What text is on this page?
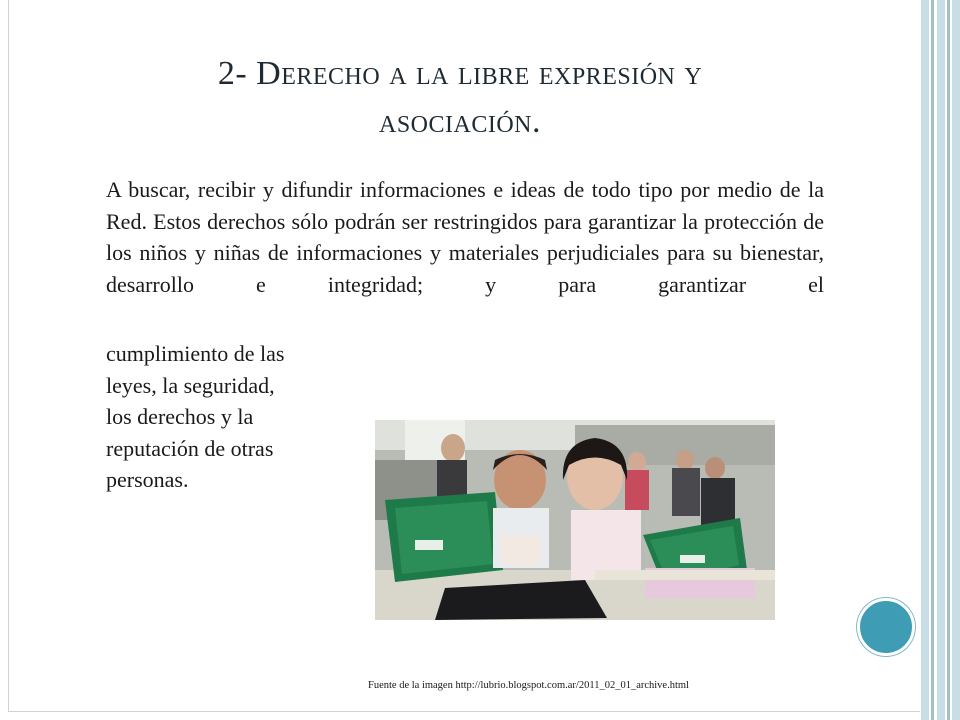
2- Derecho a la libre expresión y
asociación.
A buscar, recibir y difundir informaciones e ideas de todo tipo por medio de la Red. Estos derechos sólo podrán ser restringidos para garantizar la protección de los niños y niñas de informaciones y materiales perjudiciales para su bienestar, desarrollo e integridad; y para garantizar el
cumplimiento de las
leyes, la seguridad,
los derechos y la
reputación de otras
personas.
Fuente de la imagen http://lubrio.blogspot.com.ar/2011_02_01_archive.html
